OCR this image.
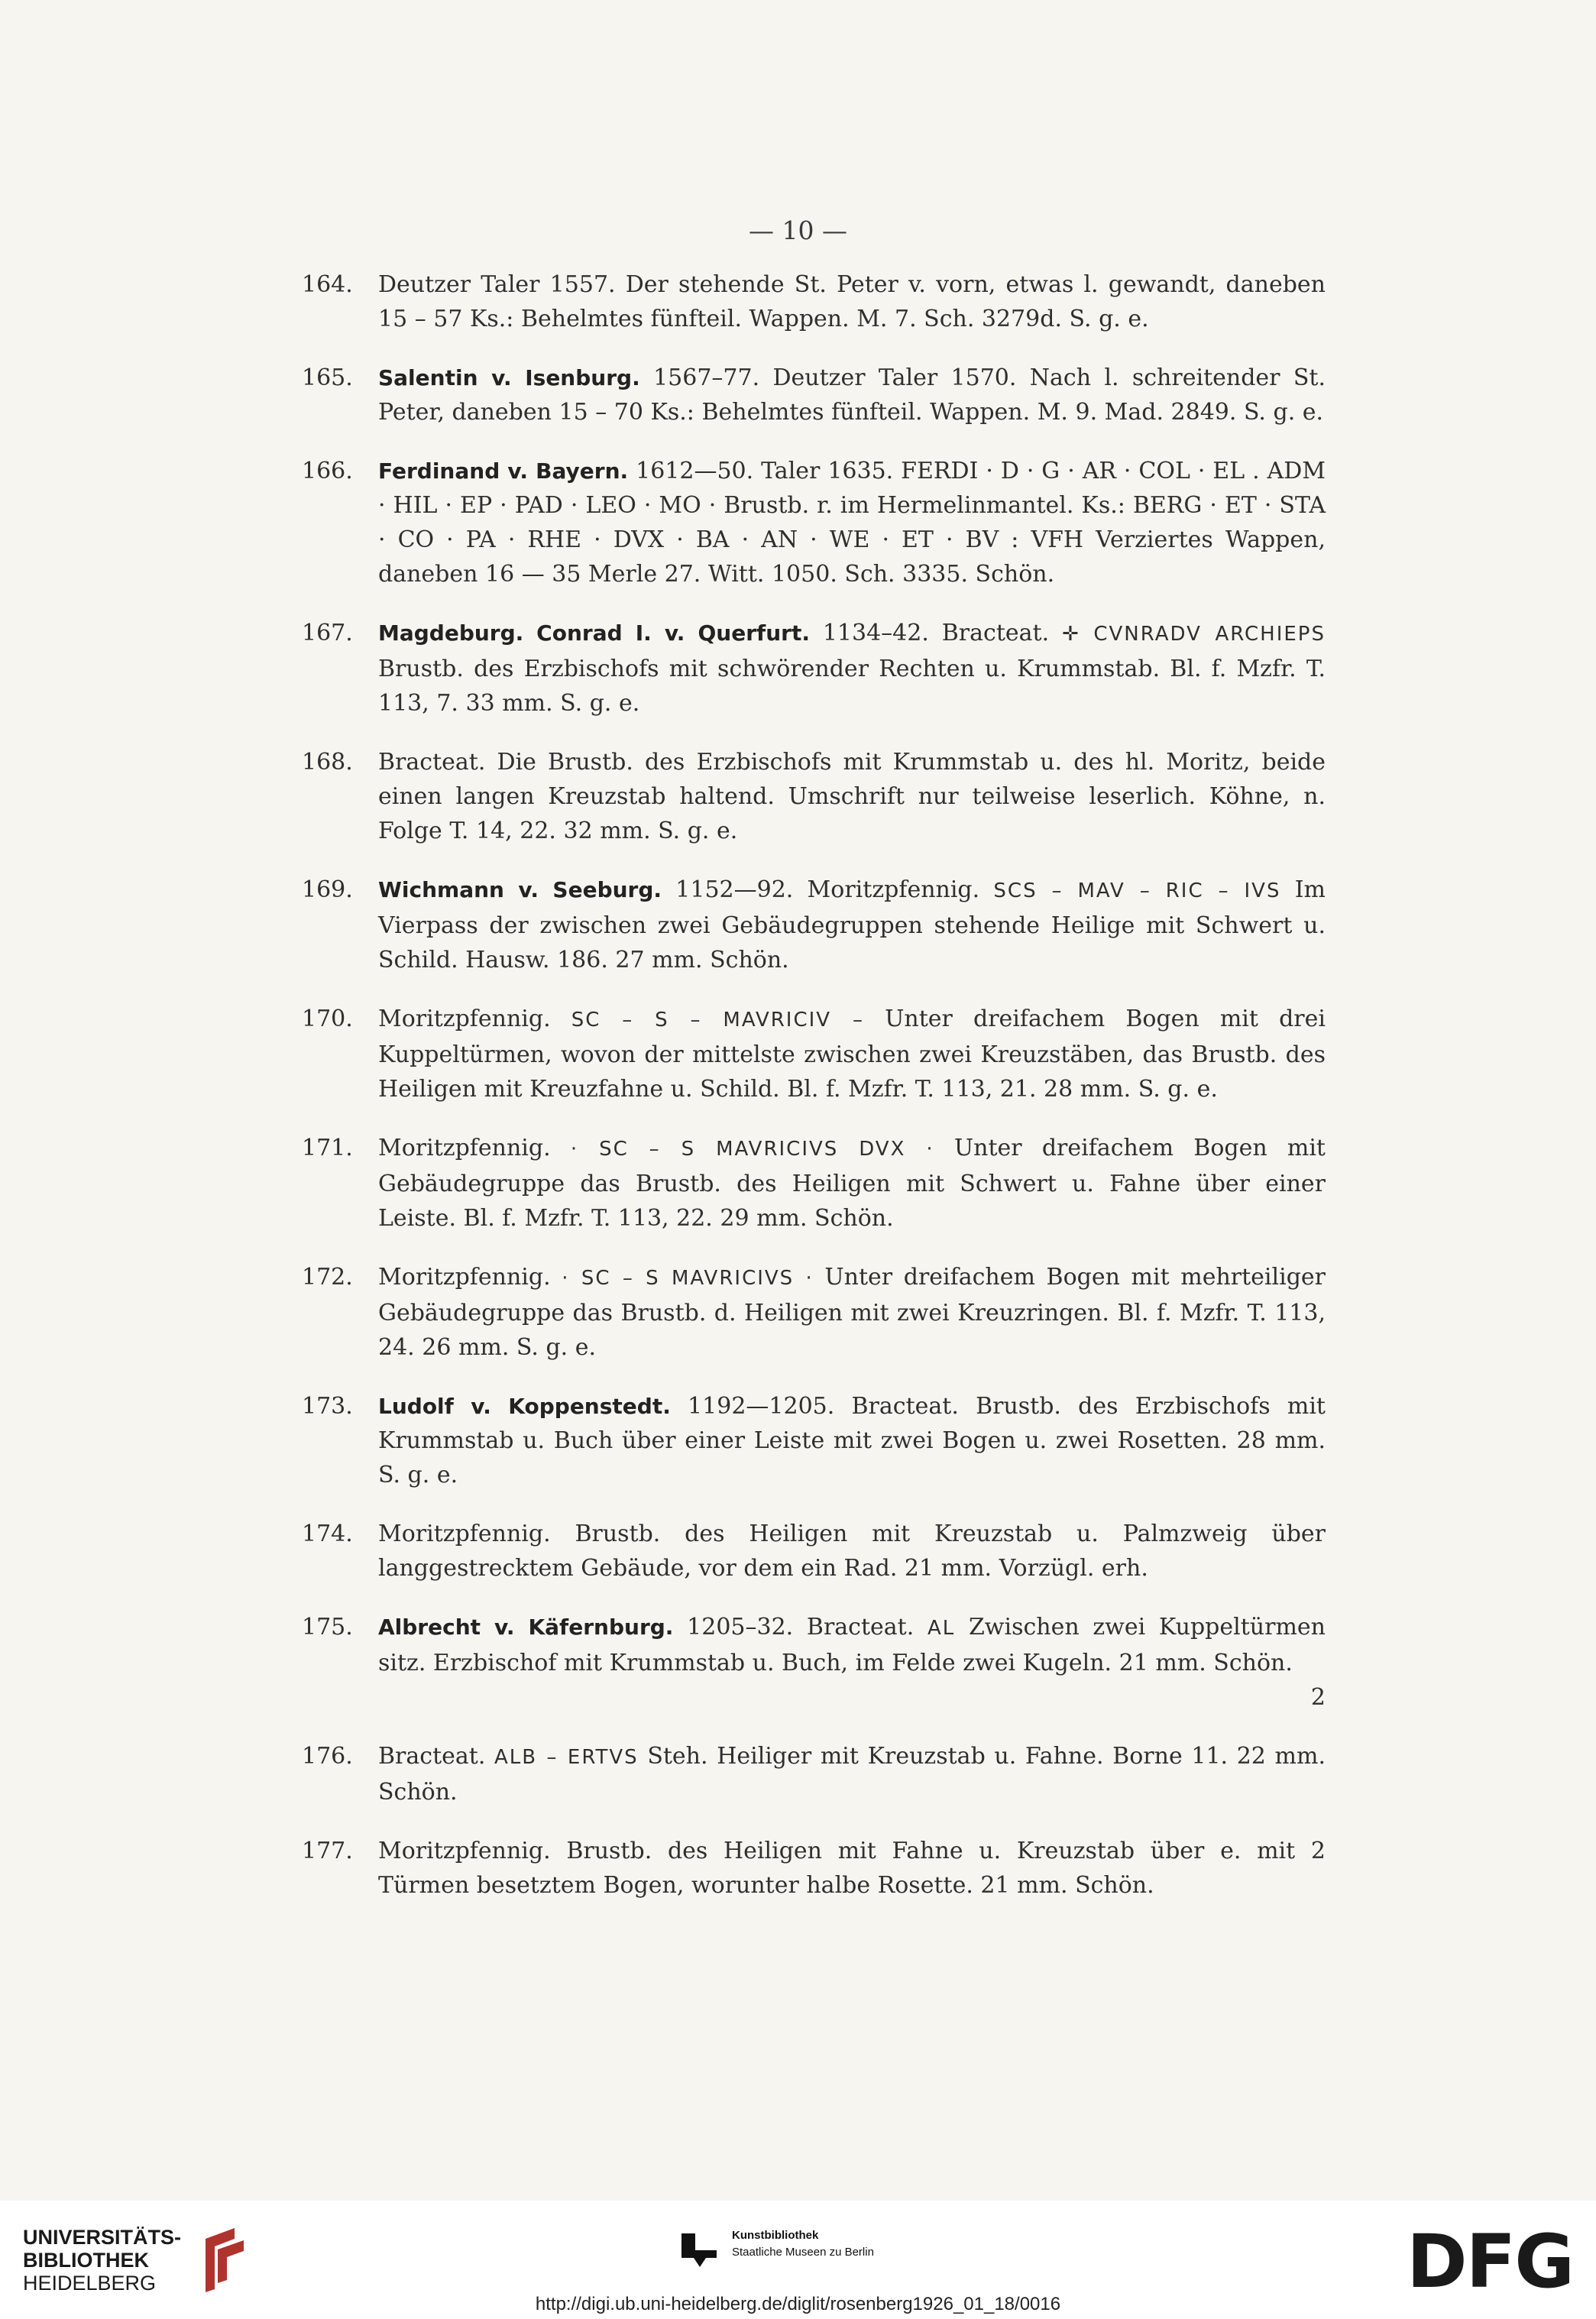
— 10 —
164.	Deutzer Taler 1557. Der stehende St. Peter v. vorn, etwas l. gewandt, daneben 15 – 57 Ks.: Behelmtes fünfteil. Wappen. M. 7. Sch. 3279d. S. g. e.
165.	Salentin v. Isenburg. 1567–77. Deutzer Taler 1570. Nach l. schreitender St. Peter, daneben 15 – 70 Ks.: Behelmtes fünfteil. Wappen. M. 9. Mad. 2849. S. g. e.
166.	Ferdinand v. Bayern. 1612—50. Taler 1635. FERDI · D · G · AR · COL · EL . ADM · HIL · EP · PAD · LEO · MO · Brustb. r. im Hermelinmantel. Ks.: BERG · ET · STA · CO · PA · RHE · DVX · BA · AN · WE · ET · BV : VFH Verziertes Wappen, daneben 16 — 35 Merle 27. Witt. 1050. Sch. 3335. Schön.
167.	Magdeburg. Conrad I. v. Querfurt. 1134–42. Bracteat. ✛ CVNRADV ARCHIEPS Brustb. des Erzbischofs mit schwörender Rechten u. Krummstab. Bl. f. Mzfr. T. 113, 7. 33 mm. S. g. e.
168.	Bracteat. Die Brustb. des Erzbischofs mit Krummstab u. des hl. Moritz, beide einen langen Kreuzstab haltend. Umschrift nur teilweise leserlich. Köhne, n. Folge T. 14, 22. 32 mm. S. g. e.
169.	Wichmann v. Seeburg. 1152—92. Moritzpfennig. SCS – MAV – RIC – IVS Im Vierpass der zwischen zwei Gebäudegruppen stehende Heilige mit Schwert u. Schild. Hausw. 186. 27 mm. Schön.
170.	Moritzpfennig. SC – S – MAVRICIV – Unter dreifachem Bogen mit drei Kuppeltürmen, wovon der mittelste zwischen zwei Kreuzstäben, das Brustb. des Heiligen mit Kreuzfahne u. Schild. Bl. f. Mzfr. T. 113, 21. 28 mm. S. g. e.
171.	Moritzpfennig. · SC – S MAVRICIVS DVX · Unter dreifachem Bogen mit Gebäudegruppe das Brustb. des Heiligen mit Schwert u. Fahne über einer Leiste. Bl. f. Mzfr. T. 113, 22. 29 mm. Schön.
172.	Moritzpfennig. · SC – S MAVRICIVS · Unter dreifachem Bogen mit mehrteiliger Gebäudegruppe das Brustb. d. Heiligen mit zwei Kreuzringen. Bl. f. Mzfr. T. 113, 24. 26 mm. S. g. e.
173.	Ludolf v. Koppenstedt. 1192—1205. Bracteat. Brustb. des Erzbischofs mit Krummstab u. Buch über einer Leiste mit zwei Bogen u. zwei Rosetten. 28 mm. S. g. e.
174.	Moritzpfennig. Brustb. des Heiligen mit Kreuzstab u. Palmzweig über langgestrecktem Gebäude, vor dem ein Rad. 21 mm. Vorzügl. erh.
175.	Albrecht v. Käfernburg. 1205–32. Bracteat. AL Zwischen zwei Kuppeltürmen sitz. Erzbischof mit Krummstab u. Buch, im Felde zwei Kugeln. 21 mm. Schön.
2
176.	Bracteat. ALB – ERTVS Steh. Heiliger mit Kreuzstab u. Fahne. Borne 11. 22 mm. Schön.
177.	Moritzpfennig. Brustb. des Heiligen mit Fahne u. Kreuzstab über e. mit 2 Türmen besetztem Bogen, worunter halbe Rosette. 21 mm. Schön.
UNIVERSITÄTS-
BIBLIOTHEK
HEIDELBERG
Kunstbibliothek
Staatliche Museen zu Berlin	DFG
http://digi.ub.uni-heidelberg.de/diglit/rosenberg1926_01_18/0016
